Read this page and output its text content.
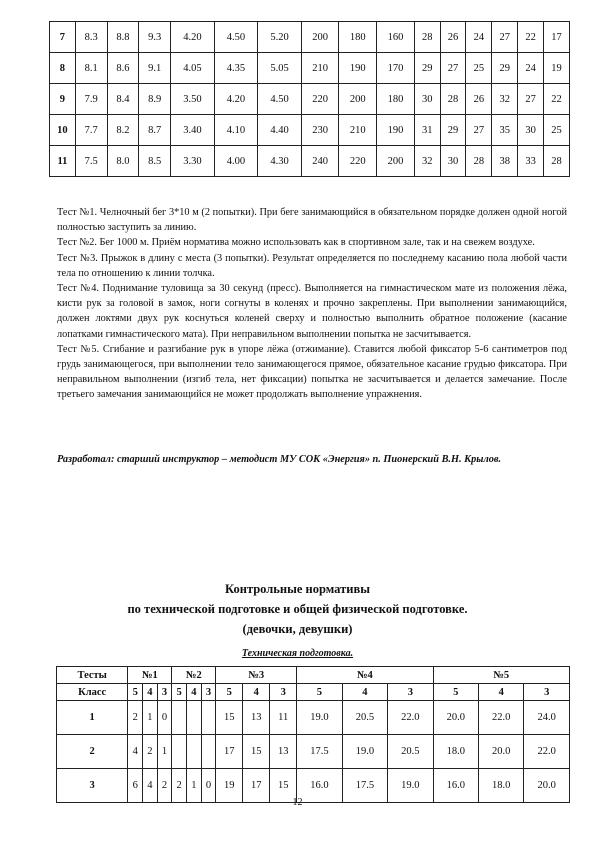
7	8.3	8.8	9.3	4.20	4.50	5.20	200	180	160	28	26	24	27	22	17
8	8.1	8.6	9.1	4.05	4.35	5.05	210	190	170	29	27	25	29	24	19
9	7.9	8.4	8.9	3.50	4.20	4.50	220	200	180	30	28	26	32	27	22
10	7.7	8.2	8.7	3.40	4.10	4.40	230	210	190	31	29	27	35	30	25
11	7.5	8.0	8.5	3.30	4.00	4.30	240	220	200	32	30	28	38	33	28

Тест №1. Челночный бег 3*10 м (2 попытки). При беге занимающийся в обязательном порядке должен одной ногой полностью заступить за линию.

Тест №2. Бег 1000 м. Приём норматива можно использовать как в спортивном зале, так и на свежем воздухе.

Тест №3. Прыжок в длину с места (3 попытки). Результат определяется по последнему касанию пола любой части тела по отношению к линии толчка.

Тест №4. Поднимание туловища за 30 секунд (пресс). Выполняется на гимнастическом мате из положения лёжа, кисти рук за головой в замок, ноги согнуты в коленях и прочно закреплены. При выполнении занимающийся, должен локтями двух рук коснуться коленей сверху и полностью выполнить обратное положение (касание лопатками гимнастического мата). При неправильном выполнении попытка не засчитывается.

Тест №5. Сгибание и разгибание рук в упоре лёжа (отжимание). Ставится любой фиксатор 5-6 сантиметров под грудь занимающегося, при выполнении тело занимающегося прямое, обязательное касание грудью фиксатора. При неправильном выполнении (изгиб тела, нет фиксации) попытка не засчитывается и делается замечание. После третьего замечания занимающийся не может продолжать выполнение упражнения.

Разработал: старший инструктор – методист МУ СОК «Энергия» п. Пионерский В.Н. Крылов.

Контрольные нормативы

по технической подготовке и общей физической подготовке.

(девочки, девушки)

Техническая подготовка.

Тесты	№1			№2			№3			№4			№5		
Класс	5	4	3	5	4	3	5	4	3	5	4	3	5	4	3
1	2	1	0				15	13	11	19.0	20.5	22.0	20.0	22.0	24.0
2	4	2	1				17	15	13	17.5	19.0	20.5	18.0	20.0	22.0
3	6	4	2	2	1	0	19	17	15	16.0	17.5	19.0	16.0	18.0	20.0

12
